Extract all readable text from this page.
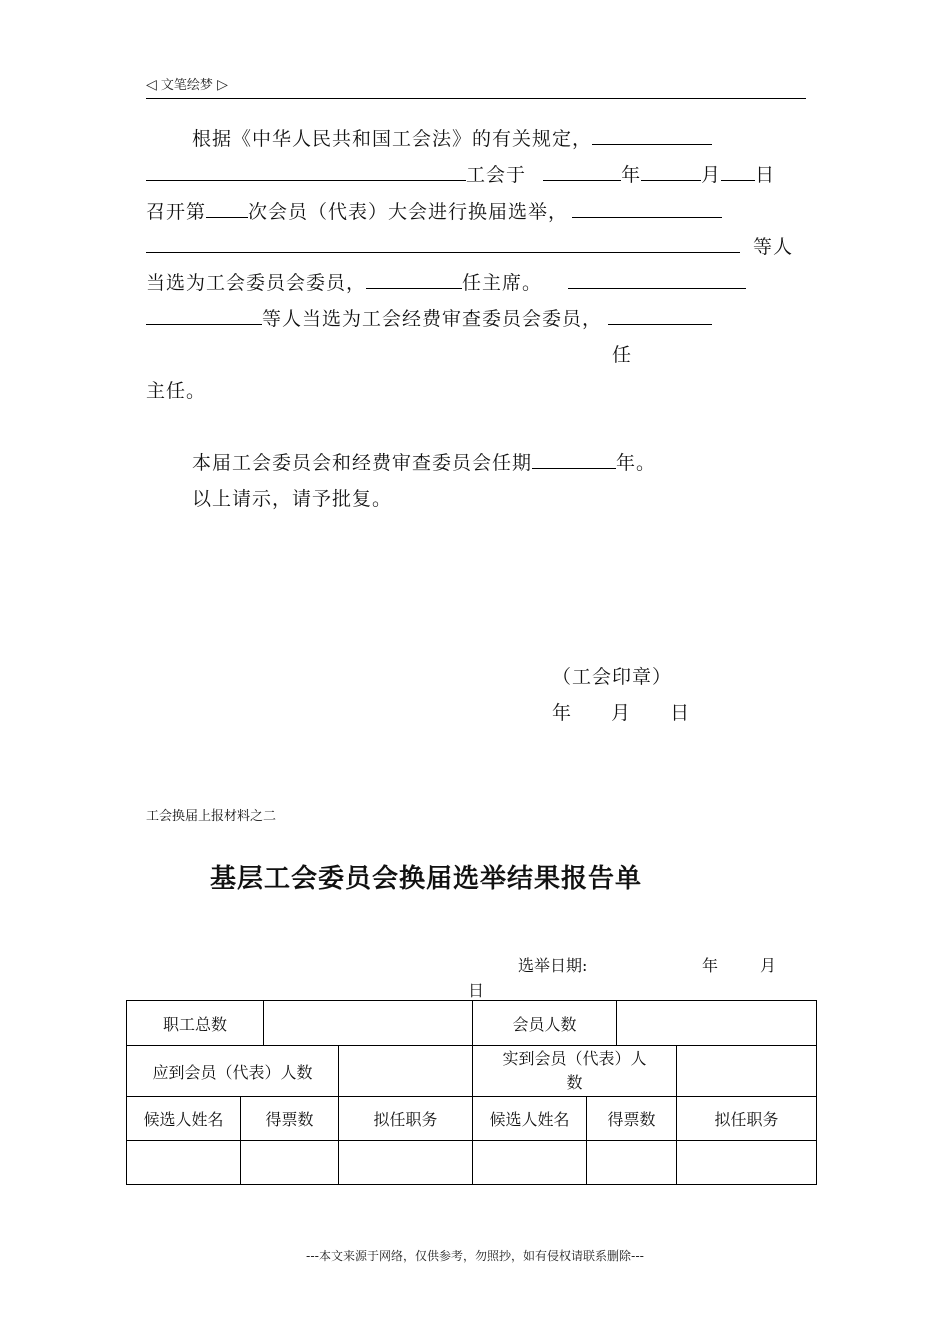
◁ 文笔绘梦 ▷
根据《中华人民共和国工会法》的有关规定，
工会于	年	月 日
召开第 次会员（代表）大会进行换届选举，
等人
当选为工会委员会委员，	任主席。
等人当选为工会经费审查委员会委员，
任
主任。
本届工会委员会和经费审查委员会任期	年。
以上请示，请予批复。
（工会印章）
年 月 日
工会换届上报材料之二
基层工会委员会换届选举结果报告单
选举日期:	年	月
日
职工总数				会员人数			
应到会员（代表）人数				实到会员（代表）人
数			
候选人姓名	得票数		拟任职务	候选人姓名	得票数		拟任职务

---本文来源于网络，仅供参考，勿照抄，如有侵权请联系删除---
